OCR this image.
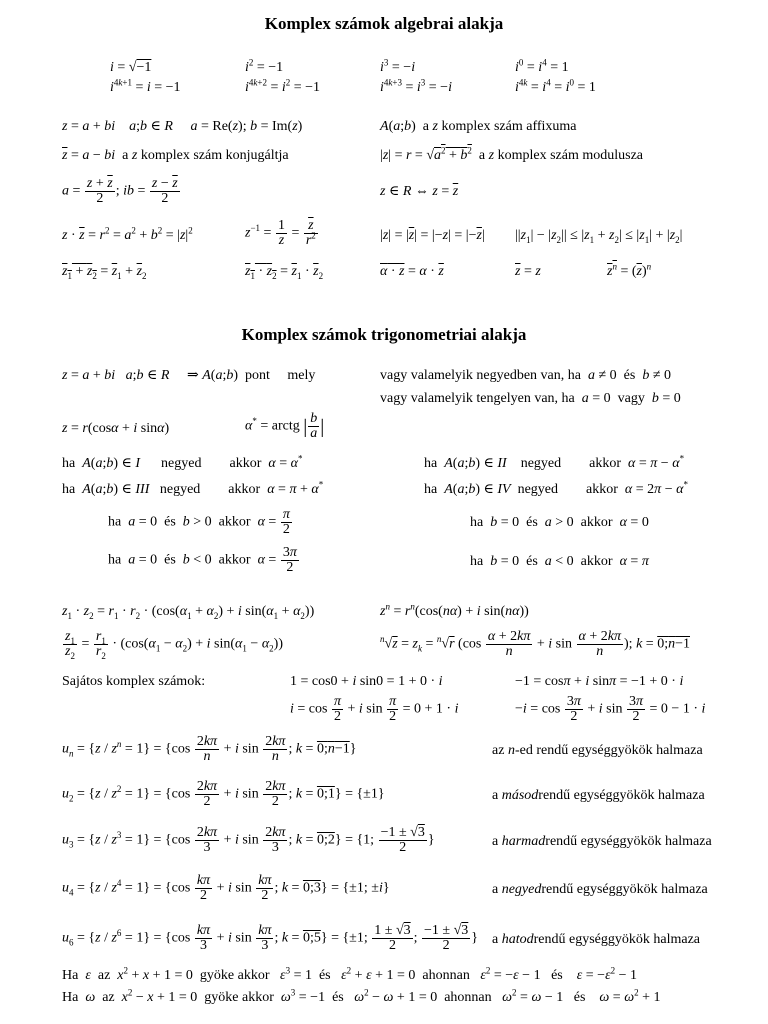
Komplex számok algebrai alakja
i = √−1	$i^2 = -1$	$i^3 = -i$	$i^0 = i^4 = 1$
$i^{4k+1} = i = -1$	$i^{4k+2} = i^2 = -1$	$i^{4k+3} = i^3 = -i$	$i^{4k} = i^4 = i^0 = 1$
z = a + bi a;b ∈ R a = Re(z); b = Im(z)	A(a;b)  a z komplex szám affixuma
$\overline{z} = a$ − bi  a z komplex szám konjugáltja	$|z| = r = √a^2 + b^2$  a z komplex szám modulusza
$a = \frac{z + \overline{z}}{2}$ ; ib = $\frac{z - \overline{z}}{2}$	z ∈ R ⇔ $z = \overline{z}$
$z \cdot \overline{z} = r^2 = a^2 + b^2 = |z|^2$	$z^{-1} = \frac{1}{z} = \frac{\overline{z}}{r^2}$	$|z| = |\overline{z}| = |-z| = |-\overline{z}|$ $||z_1| - |z_2|| \le |z_1 + z_2| \le |z_1| + |z_2|$
$z_1 + z_2 = \overline{z}_1 + \overline{z}_2$	$z_1 \cdot z_2 = \overline{z}_1 \cdot \overline{z}_2$	$\alpha \cdot z = \alpha \cdot \overline{z}$	z = z	$z^n = (\overline{z})^n$
Komplex számok trigonometriai alakja
z = a + bi a;b ∈ R     ⇒ A(a;b)  pont     mely	vagy valamelyik negyedben van, ha  a ≠ 0  és  b ≠ 0
vagy valamelyik tengelyen van, ha  a = 0  vagy  b = 0
z = r(cosα + i sinα)	α* = arctg | $\frac{b}{a}$ |
ha  A(a;b) ∈ I      negyed        akkor  α = α*	ha  A(a;b) ∈ II    negyed        akkor  α = π − α*
ha  A(a;b) ∈ III   negyed        akkor  α = π + α*	ha  A(a;b) ∈ IV  negyed        akkor  α = 2π − α*
ha  a = 0  és  b > 0  akkor  $\alpha = \frac{\pi}{2}$	ha  b = 0  és  a > 0  akkor  α = 0
ha  a = 0  és  b < 0  akkor  $\alpha = \frac{3\pi}{2}$	ha  b = 0  és  a < 0  akkor  α = π
$z_1 \cdot z_2 = r_1 \cdot r_2 \cdot (\cos(\alpha_1 + \alpha_2) + i$ $\sin(\alpha_1 + \alpha_2)$)	$z^n = r^n(\cos(n\alpha) + i$ sin(nα))
$\frac{z_1}{z_2} = \frac{r_1}{r_2} \cdot (\cos(\alpha_1 - \alpha_2) + i$ $\sin(\alpha_1 - \alpha_2)$)	$^n√z = z_k = ^n√r$ ($\cos \frac{\alpha + 2k\pi}{n} + i$ $\sin \frac{\alpha + 2k\pi}{n}$ ); k = 0;n−1
Sajátos komplex számok:	1 = cos0 + i sin0 = 1 + 0 · i	−1 = cosπ + i sinπ = −1 + 0 · i
$i = \cos \frac{\pi}{2} + i$ $\sin \frac{\pi}{2} = 0 + 1 \cdot i$	$-i = \cos \frac{3\pi}{2} + i$ $\sin \frac{3\pi}{2} = 0 - 1 \cdot i$
$u_n = \{z / z^n = 1\} = \{\cos \frac{2k\pi}{n} + i$ $\sin \frac{2k\pi}{n}$ ; k = 0;n−1}	az n-ed rendű egységgyökök halmaza
$u_2 = \{z / z^2 = 1\} = \{\cos \frac{2k\pi}{2} + i$ $\sin \frac{2k\pi}{2}$ ; k = 0;1} = {±1}	a másodrendű egységgyökök halmaza
$u_3 = \{z / z^3 = 1\} = \{\cos \frac{2k\pi}{3} + i$ $\sin \frac{2k\pi}{3}$ ; k = 0;2} = {1; $\frac{-1 \pm √3}{2}$ }	a harmadrendű egységgyökök halmaza
$u_4 = \{z / z^4 = 1\} = \{\cos \frac{k\pi}{2} + i$ $\sin \frac{k\pi}{2}$ ; k = 0;3} = {±1; ±i}	a negyedrendű egységgyökök halmaza
$u_6 = \{z / z^6 = 1\} = \{\cos \frac{k\pi}{3} + i$ $\sin \frac{k\pi}{3}$ ; k = 0;5} = {±1; $\frac{1 \pm √3}{2}$ ; $\frac{-1 \pm √3}{2}$ } a hatodrendű egységgyökök halmaza
Ha  ε  az  $x^2 + x + 1 = 0$  gyöke akkor   $\varepsilon^3 = 1$  és   $\varepsilon^2 + \varepsilon + 1 = 0$  ahonnan   $\varepsilon^2 = -\varepsilon - 1$   és    $\varepsilon = -\varepsilon^2 - 1$
Ha  ω  az  $x^2 - x + 1 = 0$  gyöke akkor  $\omega^3 = -1$  és   $\omega^2 - \omega + 1 = 0$  ahonnan   $\omega^2 = \omega - 1$   és    $\omega = \omega^2 + 1$
